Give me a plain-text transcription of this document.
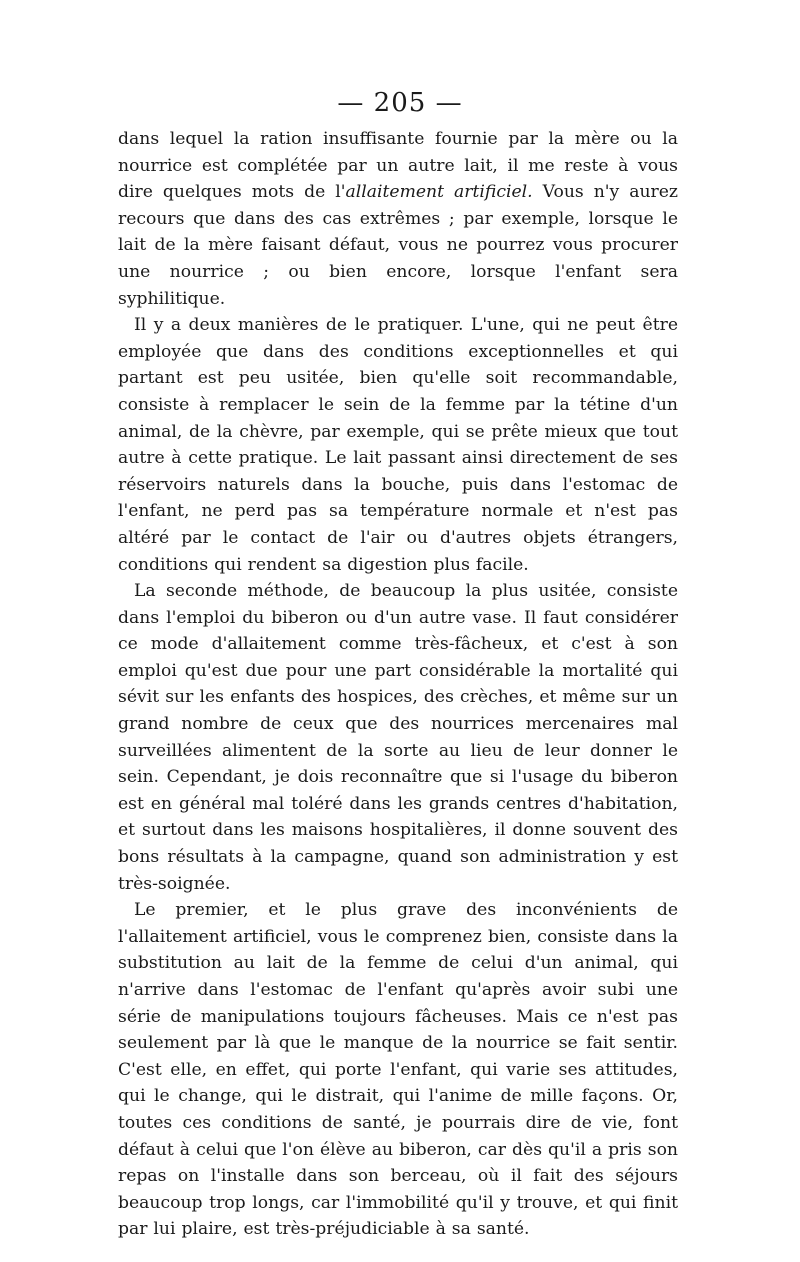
— 205 —

dans lequel la ration insuffisante fournie par la mère ou la nourrice est complétée par un autre lait, il me reste à vous dire quelques mots de l'allaitement artificiel. Vous n'y aurez recours que dans des cas extrêmes ; par exemple, lorsque le lait de la mère faisant défaut, vous ne pourrez vous procurer une nourrice ; ou bien encore, lorsque l'enfant sera syphilitique.

Il y a deux manières de le pratiquer. L'une, qui ne peut être employée que dans des conditions exceptionnelles et qui partant est peu usitée, bien qu'elle soit recommandable, consiste à remplacer le sein de la femme par la tétine d'un animal, de la chèvre, par exemple, qui se prête mieux que tout autre à cette pratique. Le lait passant ainsi directement de ses réservoirs naturels dans la bouche, puis dans l'estomac de l'enfant, ne perd pas sa température normale et n'est pas altéré par le contact de l'air ou d'autres objets étrangers, conditions qui rendent sa digestion plus facile.

La seconde méthode, de beaucoup la plus usitée, consiste dans l'emploi du biberon ou d'un autre vase. Il faut considérer ce mode d'allaitement comme très-fâcheux, et c'est à son emploi qu'est due pour une part considérable la mortalité qui sévit sur les enfants des hospices, des crèches, et même sur un grand nombre de ceux que des nourrices mercenaires mal surveillées alimentent de la sorte au lieu de leur donner le sein. Cependant, je dois reconnaître que si l'usage du biberon est en général mal toléré dans les grands centres d'habitation, et surtout dans les maisons hospitalières, il donne souvent des bons résultats à la campagne, quand son administration y est très-soignée.

Le premier, et le plus grave des inconvénients de l'allaitement artificiel, vous le comprenez bien, consiste dans la substitution au lait de la femme de celui d'un animal, qui n'arrive dans l'estomac de l'enfant qu'après avoir subi une série de manipulations toujours fâcheuses. Mais ce n'est pas seulement par là que le manque de la nourrice se fait sentir. C'est elle, en effet, qui porte l'enfant, qui varie ses attitudes, qui le change, qui le distrait, qui l'anime de mille façons. Or, toutes ces conditions de santé, je pourrais dire de vie, font défaut à celui que l'on élève au biberon, car dès qu'il a pris son repas on l'installe dans son berceau, où il fait des séjours beaucoup trop longs, car l'immobilité qu'il y trouve, et qui finit par lui plaire, est très-préjudiciable à sa santé.
